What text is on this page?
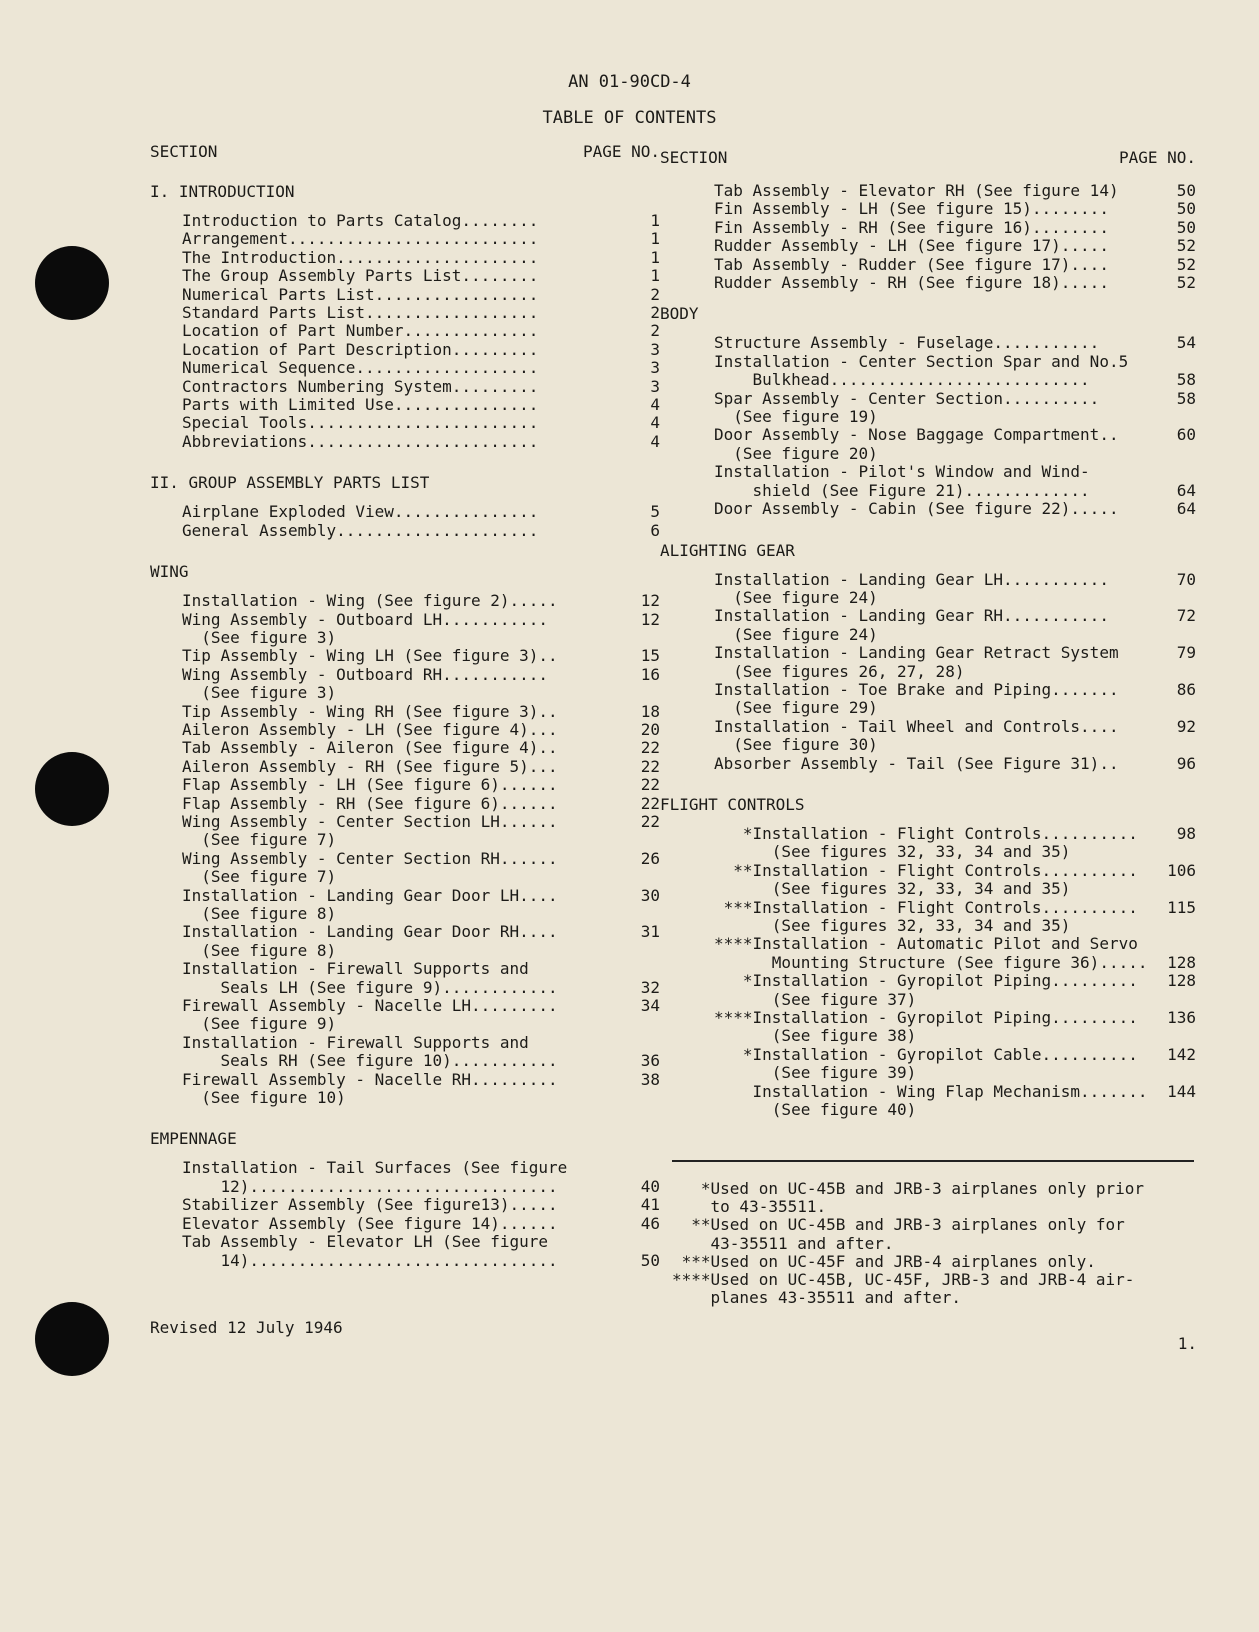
AN 01-90CD-4
TABLE OF CONTENTS
SECTION	PAGE NO.
I. INTRODUCTION
Introduction to Parts Catalog........	1
Arrangement..........................	1
The Introduction.....................	1
The Group Assembly Parts List........	1
Numerical Parts List.................	2
Standard Parts List..................	2
Location of Part Number..............	2
Location of Part Description.........	3
Numerical Sequence...................	3
Contractors Numbering System.........	3
Parts with Limited Use...............	4
Special Tools........................	4
Abbreviations........................	4
II. GROUP ASSEMBLY PARTS LIST
Airplane Exploded View...............	5
General Assembly.....................	6
WING
Installation - Wing (See figure 2).....	12
Wing Assembly - Outboard LH...........	12
(See figure 3)
Tip Assembly - Wing LH (See figure 3)..	15
Wing Assembly - Outboard RH...........	16
(See figure 3)
Tip Assembly - Wing RH (See figure 3)..	18
Aileron Assembly - LH (See figure 4)...	20
Tab Assembly - Aileron (See figure 4)..	22
Aileron Assembly - RH (See figure 5)...	22
Flap Assembly - LH (See figure 6)......	22
Flap Assembly - RH (See figure 6)......	22
Wing Assembly - Center Section LH......	22
(See figure 7)
Wing Assembly - Center Section RH......	26
(See figure 7)
Installation - Landing Gear Door LH....	30
(See figure 8)
Installation - Landing Gear Door RH....	31
(See figure 8)
Installation - Firewall Supports and
Seals LH (See figure 9)............	32
Firewall Assembly - Nacelle LH.........	34
(See figure 9)
Installation - Firewall Supports and
Seals RH (See figure 10)...........	36
Firewall Assembly - Nacelle RH.........	38
(See figure 10)
EMPENNAGE
Installation - Tail Surfaces (See figure
12)................................	40
Stabilizer Assembly (See figure13).....	41
Elevator Assembly (See figure 14)......	46
Tab Assembly - Elevator LH (See figure
14)................................	50
SECTION	PAGE NO.
Tab Assembly - Elevator RH (See figure 14)	50
Fin Assembly - LH (See figure 15)........	50
Fin Assembly - RH (See figure 16)........	50
Rudder Assembly - LH (See figure 17).....	52
Tab Assembly - Rudder (See figure 17)....	52
Rudder Assembly - RH (See figure 18).....	52
BODY
Structure Assembly - Fuselage...........	54
Installation - Center Section Spar and No.5
Bulkhead...........................	58
Spar Assembly - Center Section..........	58
(See figure 19)
Door Assembly - Nose Baggage Compartment..	60
(See figure 20)
Installation - Pilot's Window and Wind-
shield (See Figure 21).............	64
Door Assembly - Cabin (See figure 22).....	64
ALIGHTING GEAR
Installation - Landing Gear LH...........	70
(See figure 24)
Installation - Landing Gear RH...........	72
(See figure 24)
Installation - Landing Gear Retract System	79
(See figures 26, 27, 28)
Installation - Toe Brake and Piping.......	86
(See figure 29)
Installation - Tail Wheel and Controls....	92
(See figure 30)
Absorber Assembly - Tail (See Figure 31)..	96
FLIGHT CONTROLS
*Installation - Flight Controls..........	98
(See figures 32, 33, 34 and 35)
**Installation - Flight Controls..........	106
(See figures 32, 33, 34 and 35)
***Installation - Flight Controls..........	115
(See figures 32, 33, 34 and 35)
****Installation - Automatic Pilot and Servo
Mounting Structure (See figure 36).....	128
*Installation - Gyropilot Piping.........	128
(See figure 37)
****Installation - Gyropilot Piping.........	136
(See figure 38)
*Installation - Gyropilot Cable..........	142
(See figure 39)
Installation - Wing Flap Mechanism.......	144
(See figure 40)
*Used on UC-45B and JRB-3 airplanes only prior
to 43-35511.
**Used on UC-45B and JRB-3 airplanes only for
43-35511 and after.
***Used on UC-45F and JRB-4 airplanes only.
****Used on UC-45B, UC-45F, JRB-3 and JRB-4 air-
planes 43-35511 and after.
Revised 12 July 1946
1.
